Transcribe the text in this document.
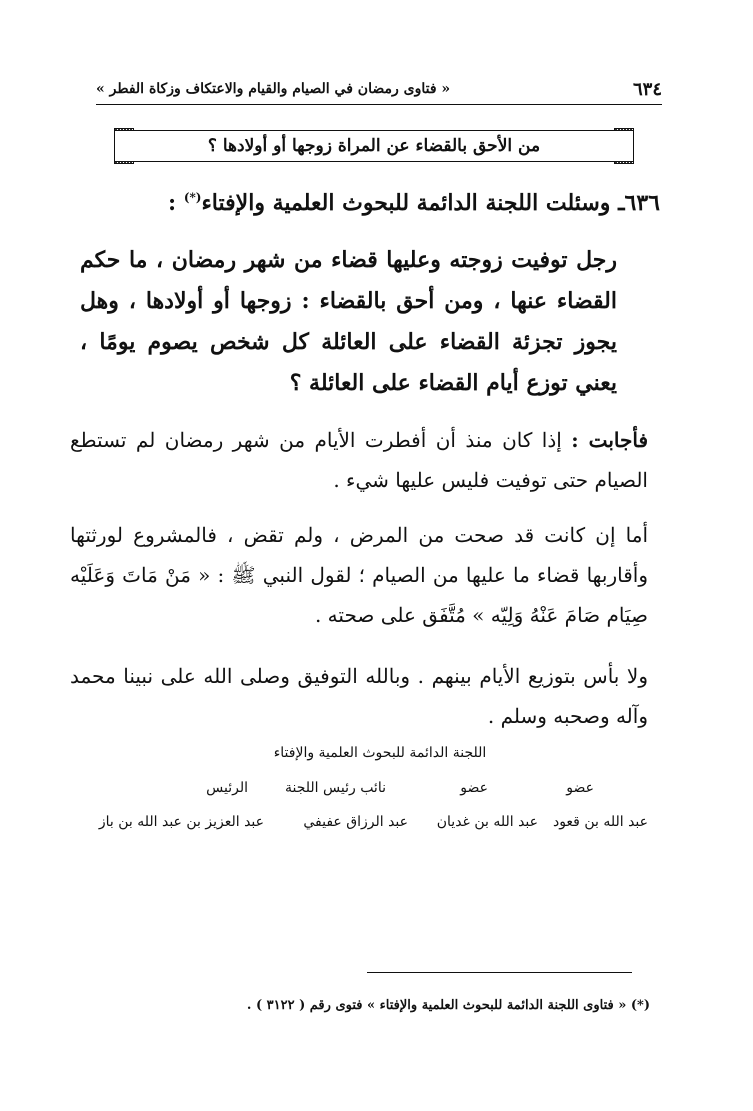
٦٣٤
« فتاوى رمضان في الصيام والقيام والاعتكاف وزكاة الفطر »
من الأحق بالقضاء عن المراة زوجها أو أولادها ؟
٦٣٦ـ وسئلت اللجنة الدائمة للبحوث العلمية والإفتاء(*) :
رجل توفيت زوجته وعليها قضاء من شهر رمضان ، ما حكم القضاء عنها ، ومن أحق بالقضاء : زوجها أو أولادها ، وهل يجوز تجزئة القضاء على العائلة كل شخص يصوم يومًا ، يعني توزع أيام القضاء على العائلة ؟
فأجابت : إذا كان منذ أن أفطرت الأيام من شهر رمضان لم تستطع الصيام حتى توفيت فليس عليها شيء .
أما إن كانت قد صحت من المرض ، ولم تقض ، فالمشروع لورثتها وأقاربها قضاء ما عليها من الصيام ؛ لقول النبي ﷺ : « مَنْ مَاتَ وَعَلَيْه صِيَام صَامَ عَنْهُ وَلِيّه » مُتَّفَق على صحته .
ولا بأس بتوزيع الأيام بينهم . وبالله التوفيق وصلى الله على نبينا محمد وآله وصحبه وسلم .
اللجنة الدائمة للبحوث العلمية والإفتاء
عضو
عضو
نائب رئيس اللجنة
الرئيس
عبد الله بن قعود
عبد الله بن غديان
عبد الرزاق عفيفي
عبد العزيز بن عبد الله بن باز
(*) « فتاوى اللجنة الدائمة للبحوث العلمية والإفتاء » فتوى رقم ( ٣١٢٢ ) .
